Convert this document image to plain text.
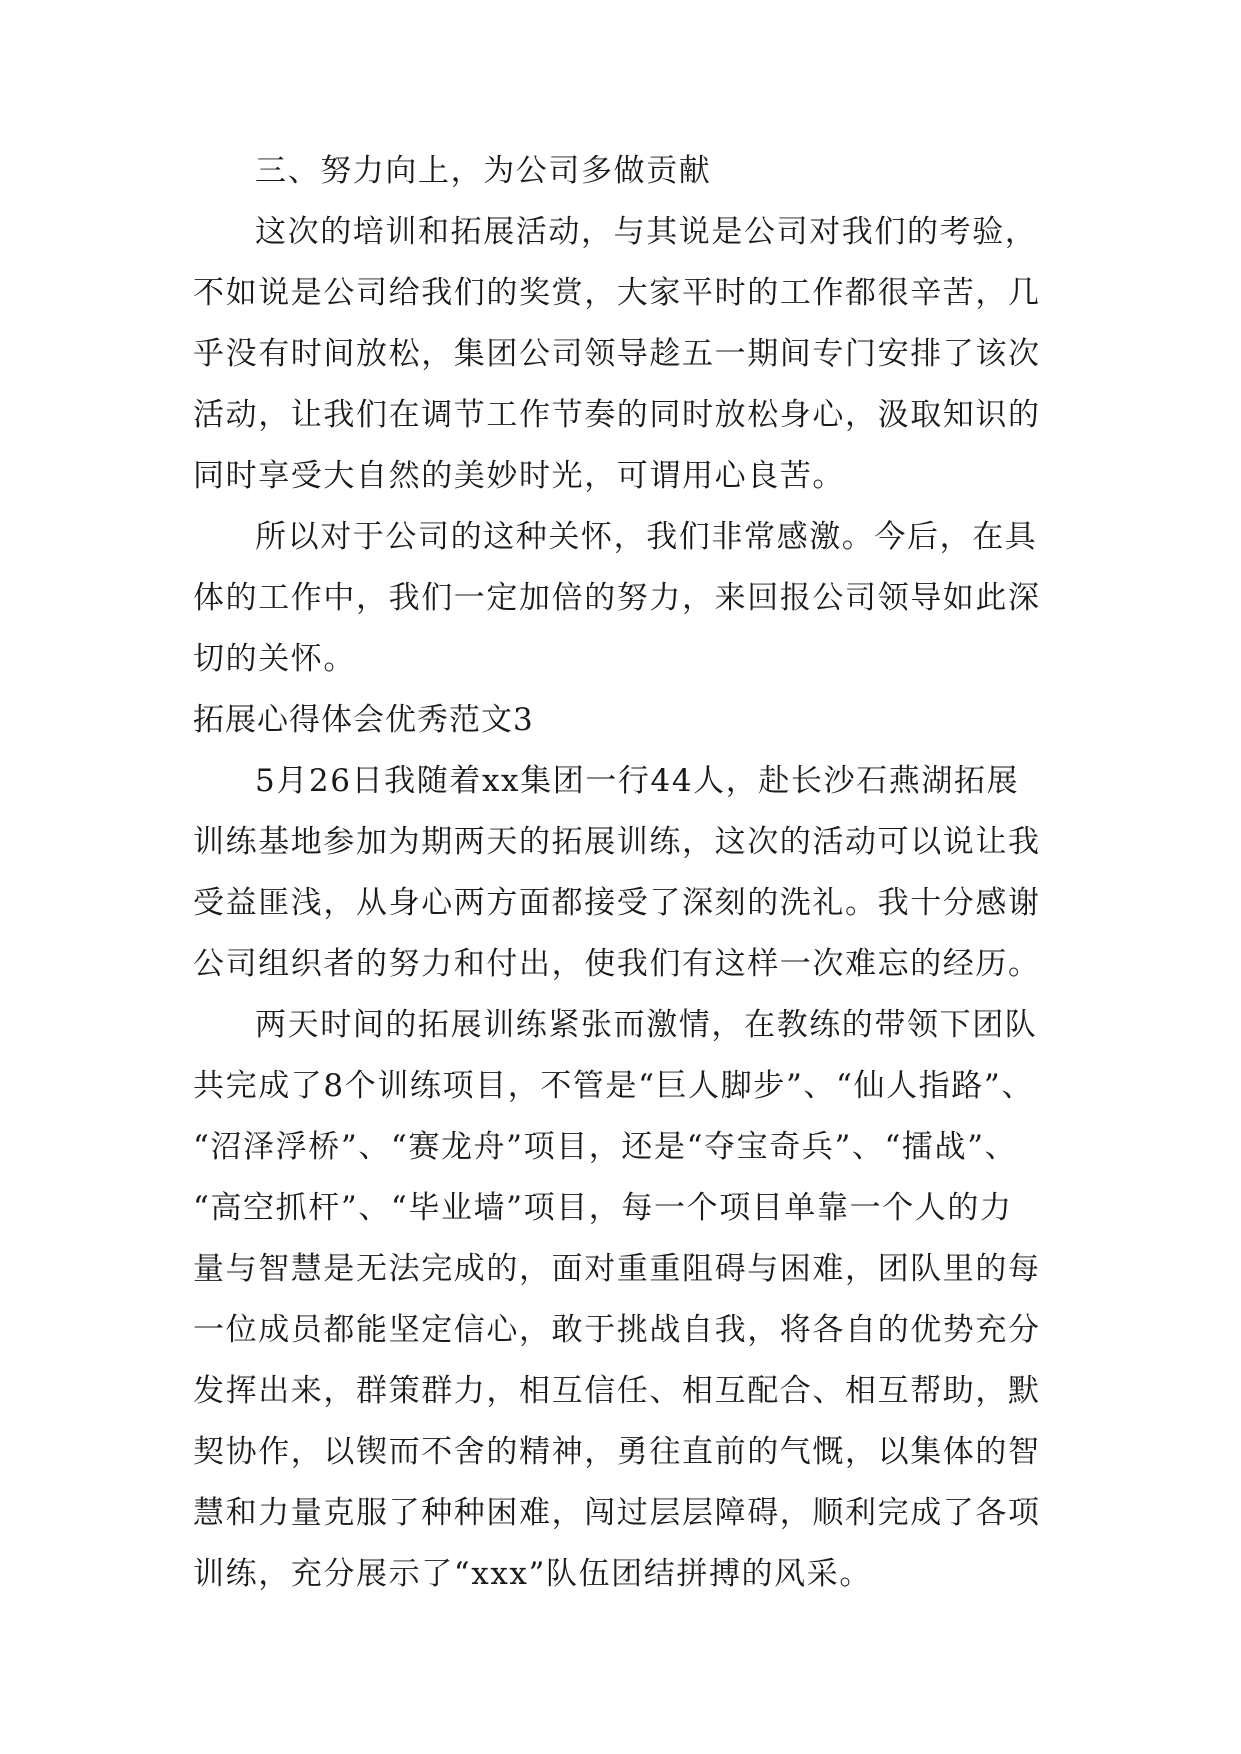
三、努力向上，为公司多做贡献
这次的培训和拓展活动，与其说是公司对我们的考验，
不如说是公司给我们的奖赏，大家平时的工作都很辛苦，几
乎没有时间放松，集团公司领导趁五一期间专门安排了该次
活动，让我们在调节工作节奏的同时放松身心，汲取知识的
同时享受大自然的美妙时光，可谓用心良苦。
所以对于公司的这种关怀，我们非常感激。今后，在具
体的工作中，我们一定加倍的努力，来回报公司领导如此深
切的关怀。
拓展心得体会优秀范文3
5月26日我随着xx集团一行44人，赴长沙石燕湖拓展
训练基地参加为期两天的拓展训练，这次的活动可以说让我
受益匪浅，从身心两方面都接受了深刻的洗礼。我十分感谢
公司组织者的努力和付出，使我们有这样一次难忘的经历。
两天时间的拓展训练紧张而激情，在教练的带领下团队
共完成了8个训练项目，不管是“巨人脚步”、“仙人指路”、
“沼泽浮桥”、“赛龙舟”项目，还是“夺宝奇兵”、“擂战”、
“高空抓杆”、“毕业墙”项目，每一个项目单靠一个人的力
量与智慧是无法完成的，面对重重阻碍与困难，团队里的每
一位成员都能坚定信心，敢于挑战自我，将各自的优势充分
发挥出来，群策群力，相互信任、相互配合、相互帮助，默
契协作，以锲而不舍的精神，勇往直前的气慨，以集体的智
慧和力量克服了种种困难，闯过层层障碍，顺利完成了各项
训练，充分展示了“xxx”队伍团结拼搏的风采。
